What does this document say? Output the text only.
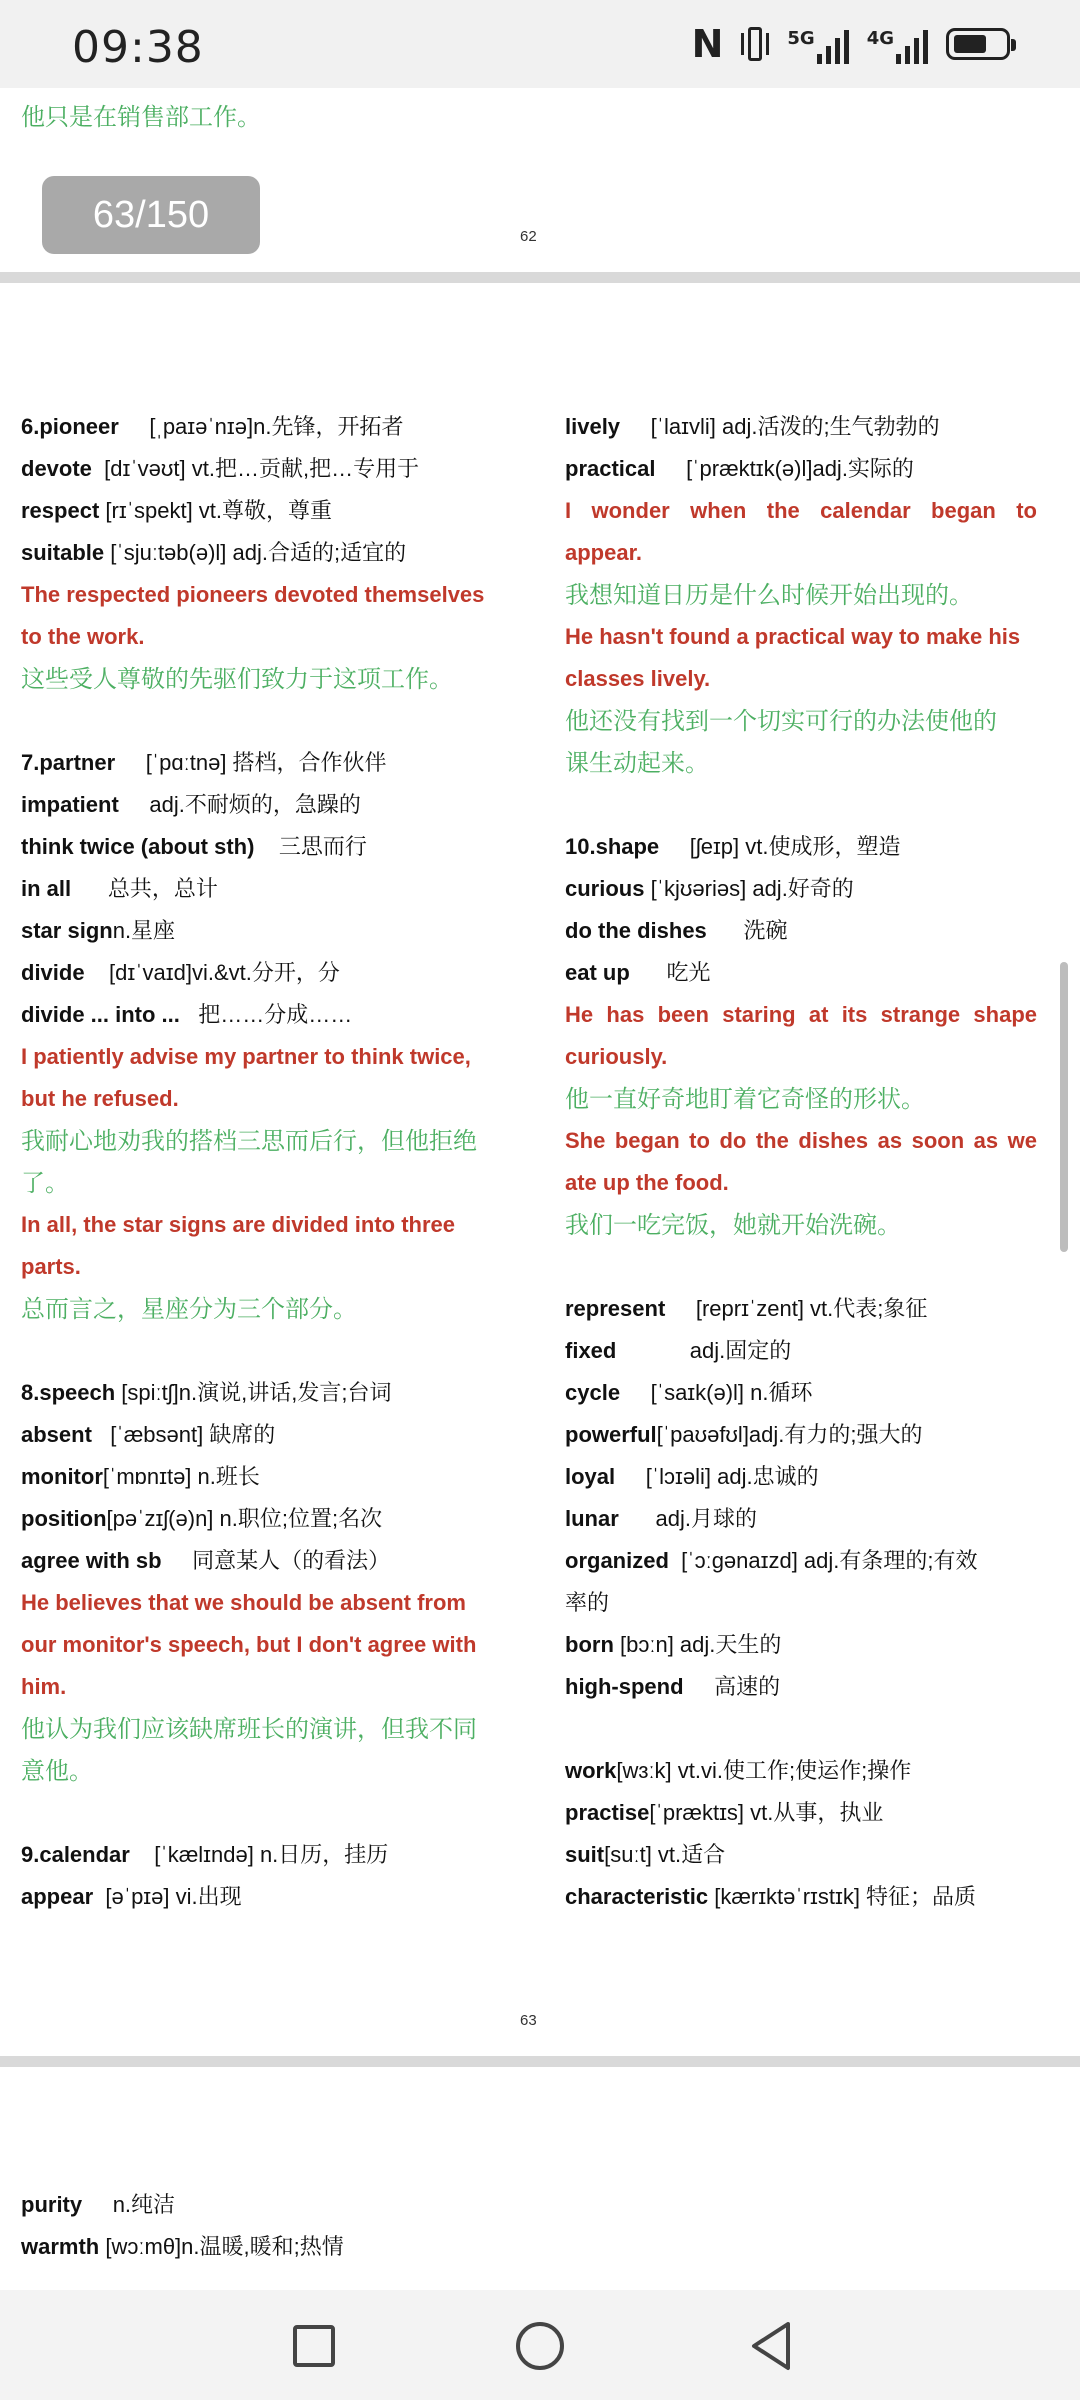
09:38	N	5G	4G
他只是在销售部工作。
62
6.pioneer [ˌpaɪəˈnɪə]n.先锋，开拓者
devote [dɪˈvəʊt] vt.把…贡献,把…专用于
respect [rɪˈspekt] vt.尊敬，尊重
suitable [ˈsjuːtəb(ə)l] adj.合适的;适宜的
The respected pioneers devoted themselves
to the work.
这些受人尊敬的先驱们致力于这项工作。
7.partner [ˈpɑːtnə] 搭档，合作伙伴
impatient adj.不耐烦的，急躁的
think twice (about sth) 三思而行
in all 总共，总计
star signn.星座
divide [dɪˈvaɪd]vi.&vt.分开，分
divide ... into ... 把……分成……
I patiently advise my partner to think twice,
but he refused.
我耐心地劝我的搭档三思而后行，但他拒绝
了。
In all, the star signs are divided into three
parts.
总而言之，星座分为三个部分。
8.speech [spiːtʃ]n.演说,讲话,发言;台词
absent [ˈæbsənt] 缺席的
monitor[ˈmɒnɪtə] n.班长
position[pəˈzɪʃ(ə)n] n.职位;位置;名次
agree with sb 同意某人（的看法）
He believes that we should be absent from
our monitor's speech, but I don't agree with
him.
他认为我们应该缺席班长的演讲，但我不同
意他。
9.calendar [ˈkælɪndə] n.日历，挂历
appear [əˈpɪə] vi.出现
lively [ˈlaɪvli] adj.活泼的;生气勃勃的
practical [ˈpræktɪk(ə)l]adj.实际的
I wonder when the calendar began to
appear.
我想知道日历是什么时候开始出现的。
He hasn't found a practical way to make his
classes lively.
他还没有找到一个切实可行的办法使他的
课生动起来。
10.shape [ʃeɪp] vt.使成形，塑造
curious [ˈkjʊəriəs] adj.好奇的
do the dishes 洗碗
eat up 吃光
He has been staring at its strange shape
curiously.
他一直好奇地盯着它奇怪的形状。
She began to do the dishes as soon as we
ate up the food.
我们一吃完饭，她就开始洗碗。
represent [reprɪˈzent] vt.代表;象征
fixed	adj.固定的
cycle [ˈsaɪk(ə)l] n.循环
powerful[ˈpaʊəfʊl]adj.有力的;强大的
loyal [ˈlɔɪəli] adj.忠诚的
lunar adj.月球的
organized [ˈɔːgənaɪzd] adj.有条理的;有效
率的
born [bɔːn] adj.天生的
high-spend 高速的
work[wɜːk] vt.vi.使工作;使运作;操作
practise[ˈpræktɪs] vt.从事，执业
suit[suːt] vt.适合
characteristic [kærɪktəˈrɪstɪk] 特征；品质
63
purity n.纯洁
warmth [wɔːmθ]n.温暖,暖和;热情
63/150
